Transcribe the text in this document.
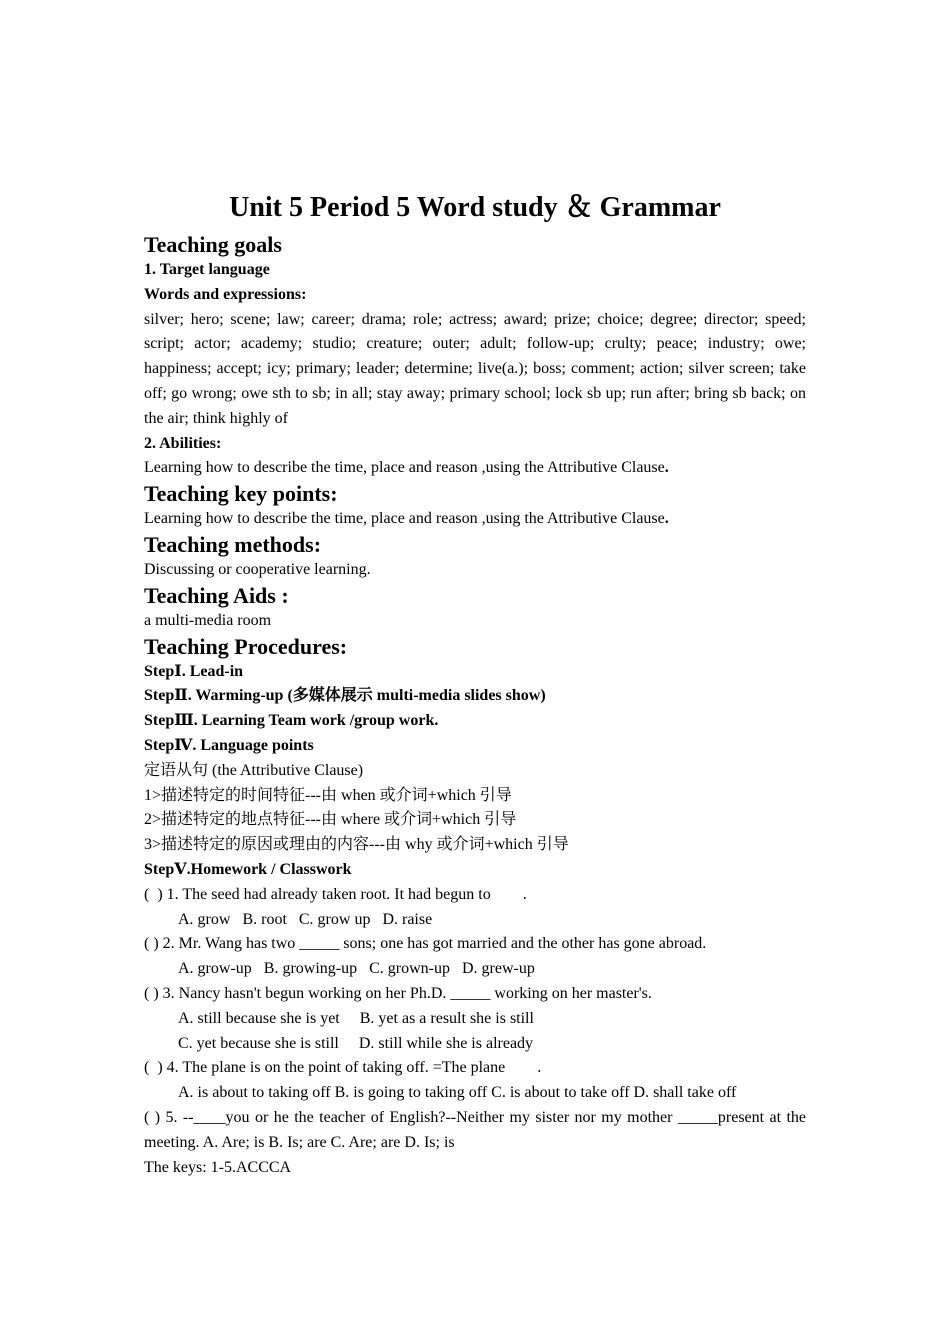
Unit 5 Period 5 Word study ＆ Grammar
Teaching goals

1. Target language

Words and expressions:

silver; hero; scene; law; career; drama; role; actress; award; prize; choice; degree; director; speed; script; actor; academy; studio; creature; outer; adult; follow-up; crulty; peace; industry; owe; happiness; accept; icy; primary; leader; determine; live(a.); boss; comment; action; silver screen; take off; go wrong; owe sth to sb; in all; stay away; primary school; lock sb up; run after; bring sb back; on the air; think highly of

2. Abilities:

Learning how to describe the time, place and reason ,using the Attributive Clause.

Teaching key points:

Learning how to describe the time, place and reason ,using the Attributive Clause.

Teaching methods:

Discussing or cooperative learning.

Teaching Aids :

a multi-media room

Teaching Procedures:

StepⅠ. Lead-in

StepⅡ. Warming-up (多媒体展示 multi-media slides show)

StepⅢ. Learning Team work /group work.

StepⅣ. Language points

定语从句 (the Attributive Clause)

1>描述特定的时间特征---由 when 或介词+which 引导

2>描述特定的地点特征---由 where 或介词+which 引导

3>描述特定的原因或理由的内容---由 why 或介词+which 引导

StepⅤ.Homework / Classwork

(  ) 1. The seed had already taken root. It had begun to        .

A. grow   B. root   C. grow up   D. raise

( ) 2. Mr. Wang has two _____ sons; one has got married and the other has gone abroad.

A. grow-up   B. growing-up   C. grown-up   D. grew-up

( ) 3. Nancy hasn't begun working on her Ph.D. _____ working on her master's.

A. still because she is yet     B. yet as a result she is still

C. yet because she is still     D. still while she is already

(  ) 4. The plane is on the point of taking off. =The plane        .

A. is about to taking off B. is going to taking off C. is about to take off D. shall take off

( ) 5. --____you or he the teacher of English?--Neither my sister nor my mother _____present at the meeting. A. Are; is B. Is; are C. Are; are D. Is; is

The keys: 1-5.ACCCA
